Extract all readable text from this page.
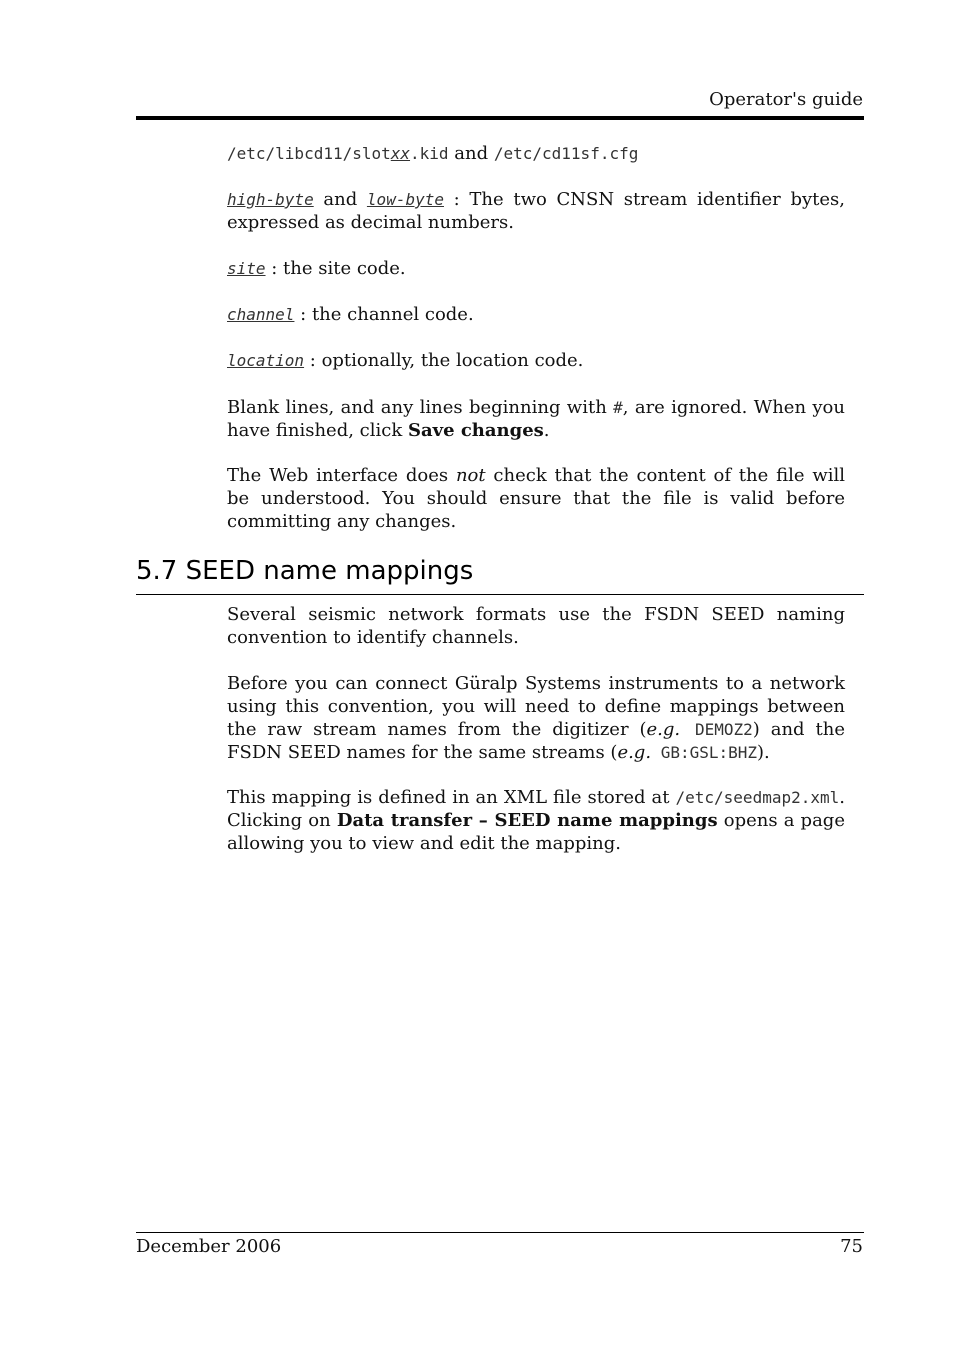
Operator's guide

/etc/libcd11/slotxx.kid and /etc/cd11sf.cfg

high-byte and low-byte : The two CNSN stream identifier bytes, expressed as decimal numbers.

site : the site code.

channel : the channel code.

location : optionally, the location code.

Blank lines, and any lines beginning with #, are ignored. When you have finished, click Save changes.

The Web interface does not check that the content of the file will be understood. You should ensure that the file is valid before committing any changes.

5.7 SEED name mappings

Several seismic network formats use the FSDN SEED naming convention to identify channels.

Before you can connect Güralp Systems instruments to a network using this convention, you will need to define mappings between the raw stream names from the digitizer (e.g. DEMOZ2) and the FSDN SEED names for the same streams (e.g. GB:GSL:BHZ).

This mapping is defined in an XML file stored at /etc/seedmap2.xml. Clicking on Data transfer – SEED name mappings opens a page allowing you to view and edit the mapping.

December 2006	75
